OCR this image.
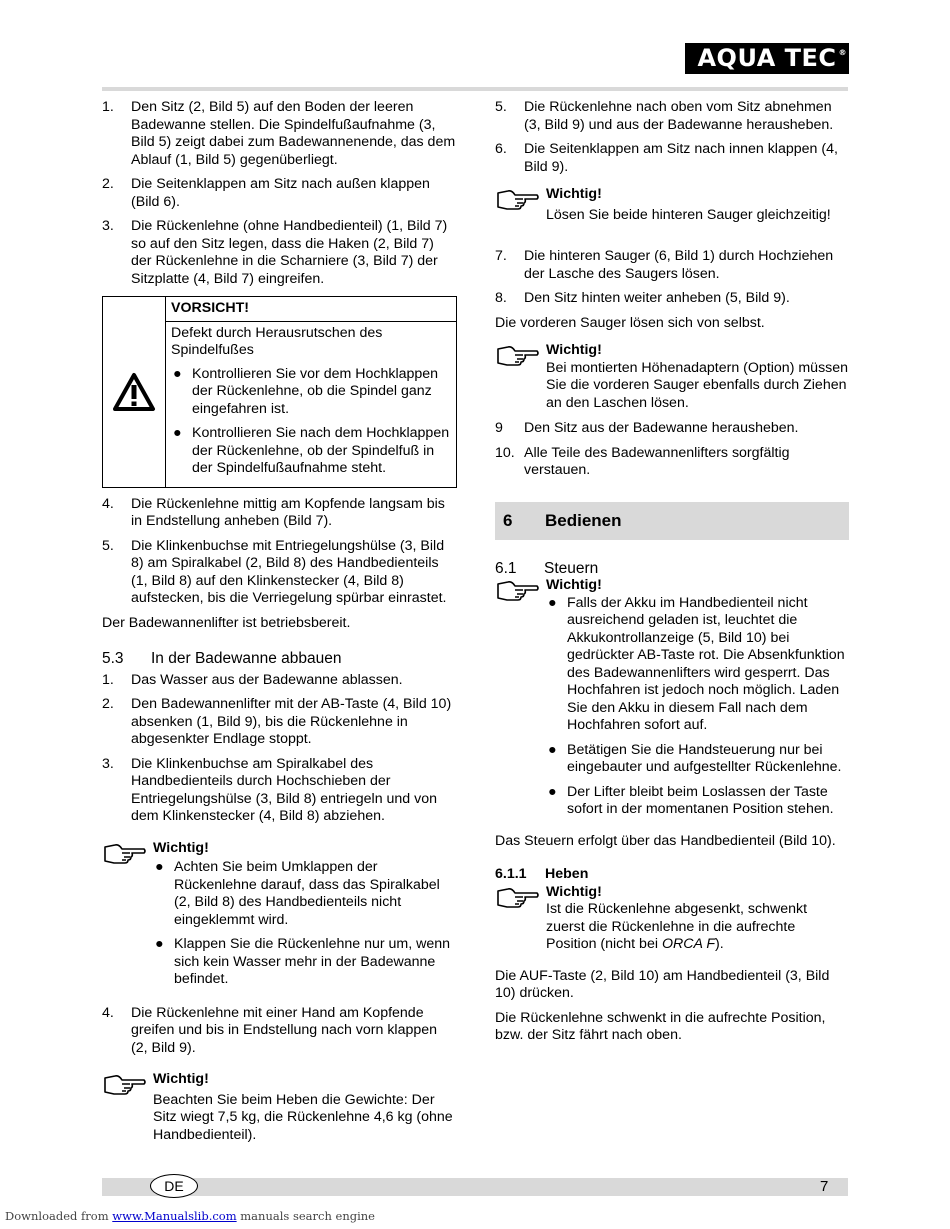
AQUA TEC ®
1. Den Sitz (2, Bild 5) auf den Boden der leeren Badewanne stellen. Die Spindelfußaufnahme (3, Bild 5) zeigt dabei zum Badewannenende, das dem Ablauf (1, Bild 5) gegenüberliegt.
2. Die Seitenklappen am Sitz nach außen klappen (Bild 6).
3. Die Rückenlehne (ohne Handbedienteil) (1, Bild 7) so auf den Sitz legen, dass die Haken (2, Bild 7) der Rückenlehne in die Scharniere (3, Bild 7) der Sitzplatte (4, Bild 7) eingreifen.
VORSICHT!
Defekt durch Herausrutschen des Spindelfußes
● Kontrollieren Sie vor dem Hochklappen der Rückenlehne, ob die Spindel ganz eingefahren ist.
● Kontrollieren Sie nach dem Hochklappen der Rückenlehne, ob der Spindelfuß in der Spindelfußaufnahme steht.
4. Die Rückenlehne mittig am Kopfende langsam bis in Endstellung anheben (Bild 7).
5. Die Klinkenbuchse mit Entriegelungshülse (3, Bild 8) am Spiralkabel (2, Bild 8) des Handbedienteils (1, Bild 8) auf den Klinkenstecker (4, Bild 8) aufstecken, bis die Verriegelung spürbar einrastet.

Der Badewannenlifter ist betriebsbereit.

5.3 In der Badewanne abbauen
1. Das Wasser aus der Badewanne ablassen.
2. Den Badewannenlifter mit der AB-Taste (4, Bild 10) absenken (1, Bild 9), bis die Rückenlehne in abgesenkter Endlage stoppt.
3. Die Klinkenbuchse am Spiralkabel des Handbedienteils durch Hochschieben der Entriegelungshülse (3, Bild 8) entriegeln und von dem Klinkenstecker (4, Bild 8) abziehen.
Wichtig!
● Achten Sie beim Umklappen der Rückenlehne darauf, dass das Spiralkabel (2, Bild 8) des Handbedienteils nicht eingeklemmt wird.
● Klappen Sie die Rückenlehne nur um, wenn sich kein Wasser mehr in der Badewanne befindet.
4. Die Rückenlehne mit einer Hand am Kopfende greifen und bis in Endstellung nach vorn klappen (2, Bild 9).
Wichtig!
Beachten Sie beim Heben die Gewichte: Der Sitz wiegt 7,5 kg, die Rückenlehne 4,6 kg (ohne Handbedienteil).
5. Die Rückenlehne nach oben vom Sitz abnehmen (3, Bild 9) und aus der Badewanne herausheben.
6. Die Seitenklappen am Sitz nach innen klappen (4, Bild 9).
Wichtig!
Lösen Sie beide hinteren Sauger gleichzeitig!
7. Die hinteren Sauger (6, Bild 1) durch Hochziehen der Lasche des Saugers lösen.
8. Den Sitz hinten weiter anheben (5, Bild 9).

Die vorderen Sauger lösen sich von selbst.

Wichtig!
Bei montierten Höhenadaptern (Option) müssen Sie die vorderen Sauger ebenfalls durch Ziehen an den Laschen lösen.
9 Den Sitz aus der Badewanne herausheben.
10. Alle Teile des Badewannenlifters sorgfältig verstauen.
6 Bedienen
6.1 Steuern
Wichtig!
● Falls der Akku im Handbedienteil nicht ausreichend geladen ist, leuchtet die Akkukontrollanzeige (5, Bild 10) bei gedrückter AB-Taste rot. Die Absenkfunktion des Badewannenlifters wird gesperrt. Das Hochfahren ist jedoch noch möglich. Laden Sie den Akku in diesem Fall nach dem Hochfahren sofort auf.
● Betätigen Sie die Handsteuerung nur bei eingebauter und aufgestellter Rückenlehne.
● Der Lifter bleibt beim Loslassen der Taste sofort in der momentanen Position stehen.

Das Steuern erfolgt über das Handbedienteil (Bild 10).

6.1.1 Heben
Wichtig!
Ist die Rückenlehne abgesenkt, schwenkt zuerst die Rückenlehne in die aufrechte Position (nicht bei ORCA F).

Die AUF-Taste (2, Bild 10) am Handbedienteil (3, Bild 10) drücken.

Die Rückenlehne schwenkt in die aufrechte Position, bzw. der Sitz fährt nach oben.

DE	7
Downloaded from www.Manualslib.com manuals search engine
